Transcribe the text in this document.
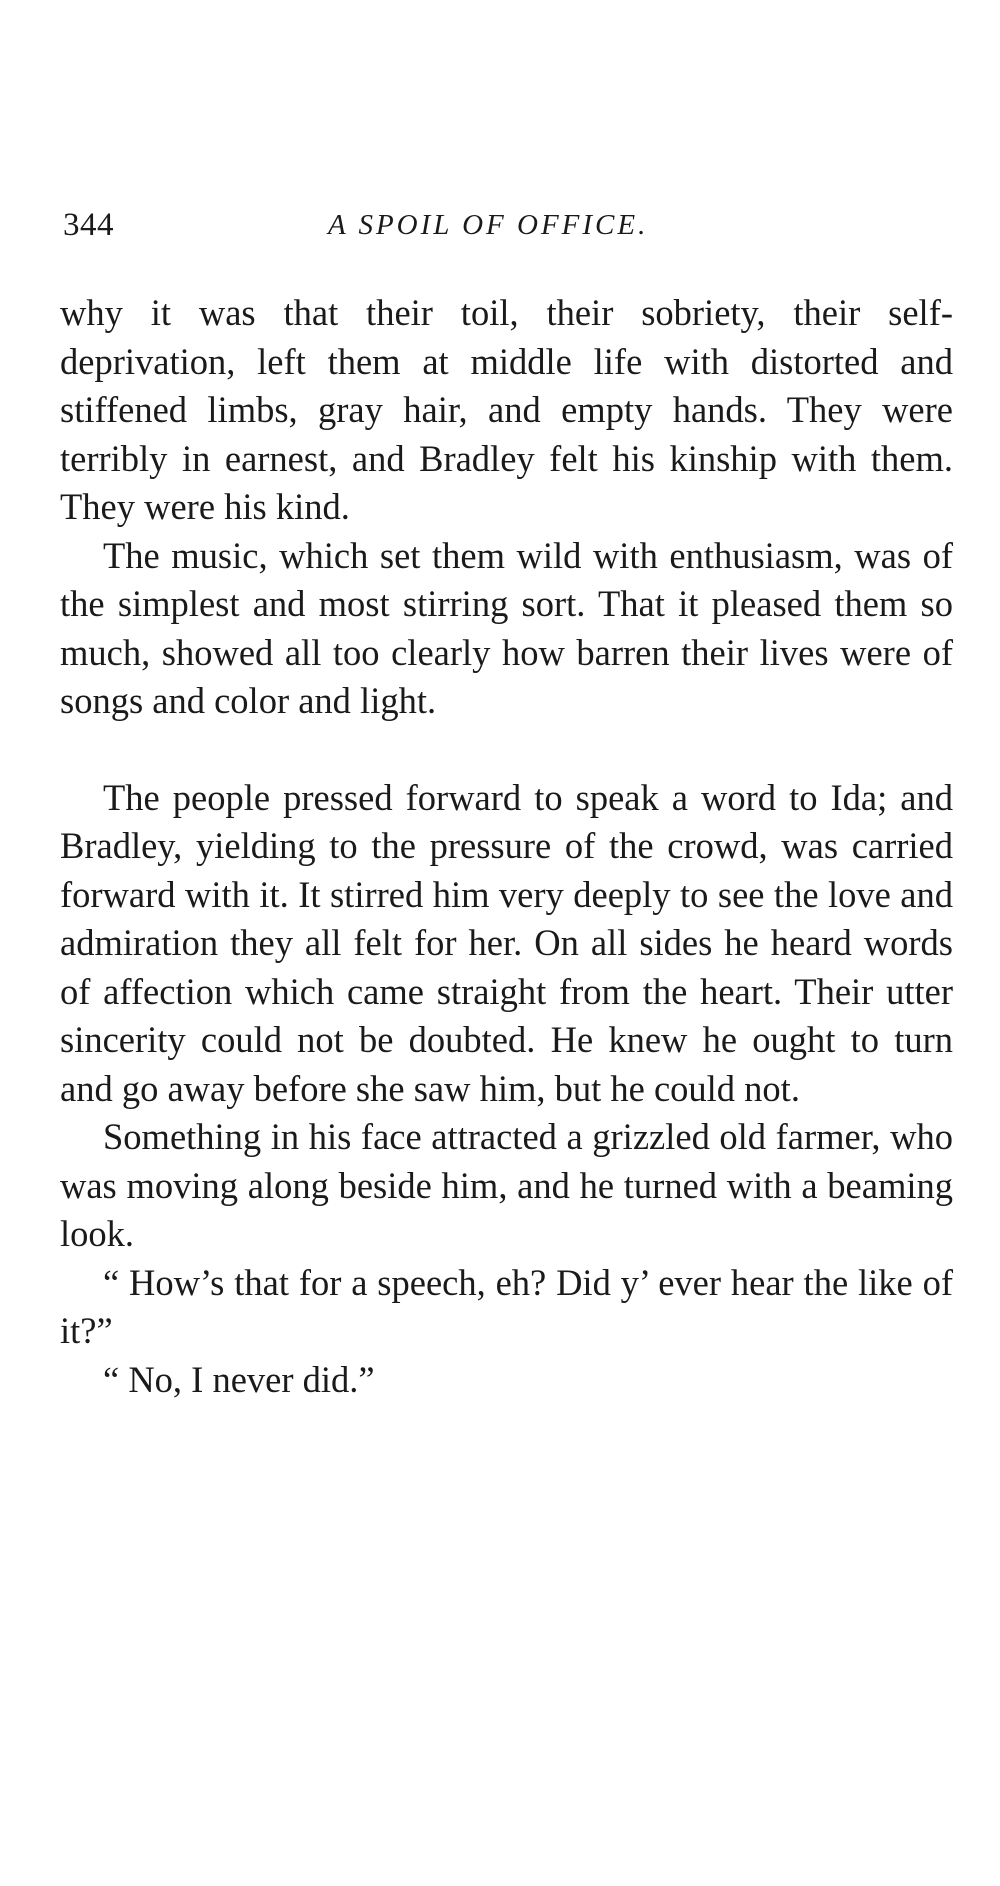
344	A SPOIL OF OFFICE.

why it was that their toil, their sobriety, their self-deprivation, left them at middle life with distorted and stiffened limbs, gray hair, and empty hands. They were terribly in earnest, and Bradley felt his kinship with them. They were his kind.

The music, which set them wild with enthusiasm, was of the simplest and most stirring sort. That it pleased them so much, showed all too clearly how barren their lives were of songs and color and light.

The people pressed forward to speak a word to Ida; and Bradley, yielding to the pressure of the crowd, was carried forward with it. It stirred him very deeply to see the love and admiration they all felt for her. On all sides he heard words of affection which came straight from the heart. Their utter sincerity could not be doubted. He knew he ought to turn and go away before she saw him, but he could not.

Something in his face attracted a grizzled old farmer, who was moving along beside him, and he turned with a beaming look.

“ How’s that for a speech, eh? Did y’ ever hear the like of it?”

“ No, I never did.”
